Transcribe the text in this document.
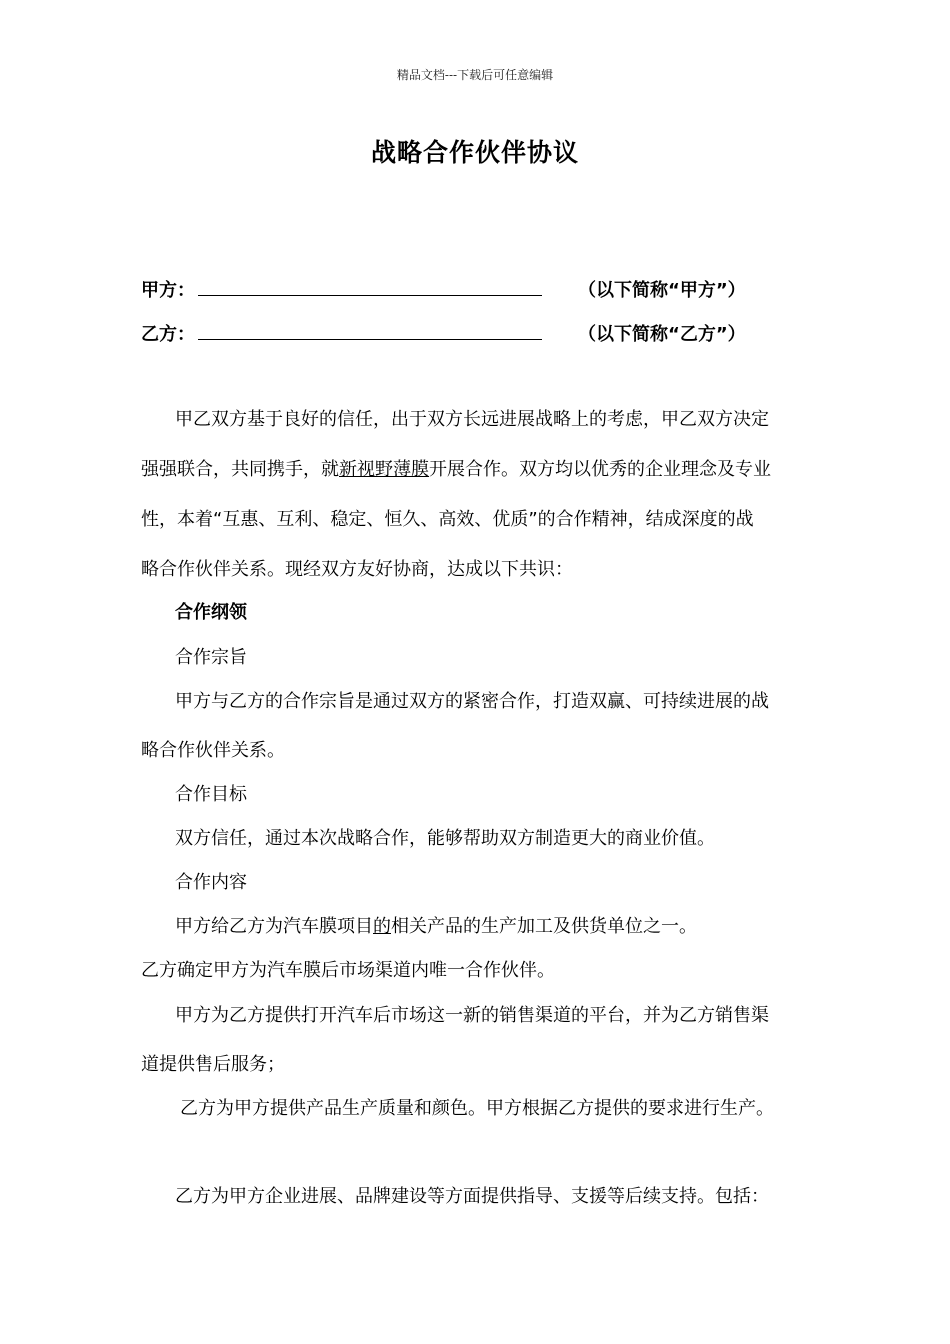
精品文档---下载后可任意编辑
战略合作伙伴协议
甲方：	（以下简称“甲方”）
乙方：	（以下简称“乙方”）
甲乙双方基于良好的信任，出于双方长远进展战略上的考虑，甲乙双方决定
强强联合，共同携手，就新视野薄膜开展合作。双方均以优秀的企业理念及专业
性，本着“互惠、互利、稳定、恒久、高效、优质”的合作精神，结成深度的战
略合作伙伴关系。现经双方友好协商，达成以下共识：
合作纲领
合作宗旨
甲方与乙方的合作宗旨是通过双方的紧密合作，打造双赢、可持续进展的战
略合作伙伴关系。
合作目标
双方信任，通过本次战略合作，能够帮助双方制造更大的商业价值。
合作内容
甲方给乙方为汽车膜项目的相关产品的生产加工及供货单位之一。
乙方确定甲方为汽车膜后市场渠道内唯一合作伙伴。
甲方为乙方提供打开汽车后市场这一新的销售渠道的平台，并为乙方销售渠
道提供售后服务；
乙方为甲方提供产品生产质量和颜色。甲方根据乙方提供的要求进行生产。
乙方为甲方企业进展、品牌建设等方面提供指导、支援等后续支持。包括：
